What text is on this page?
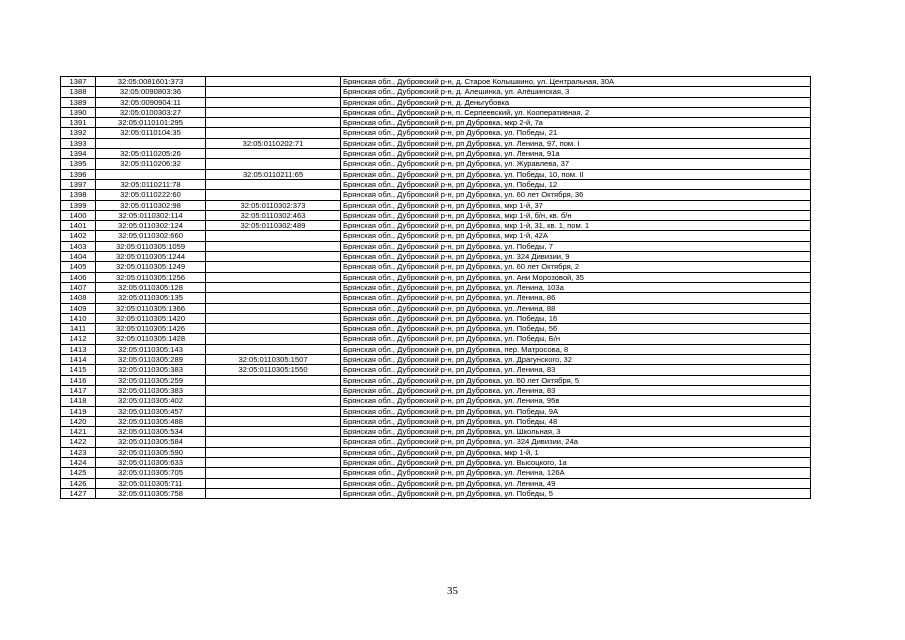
1387	32:05:0081601:373		Брянская обл., Дубровский р-н, д. Старое Колышкино, ул. Центральная, 30А
1388	32:05:0090803:36		Брянская обл., Дубровский р-н, д. Алешинка, ул. Алёшинская, 3
1389	32:05:0090904:11		Брянская обл., Дубровский р-н, д. Деньгубовка
1390	32:05:0100303:27		Брянская обл., Дубровский р-н, п. Серпеевский, ул. Кооперативная, 2
1391	32:05:0110101:295		Брянская обл., Дубровский р-н, рп Дубровка, мкр 2-й, 7а
1392	32:05:0110104:35		Брянская обл., Дубровский р-н, рп Дубровка, ул. Победы, 21
1393		32:05:0110202:71	Брянская обл., Дубровский р-н, рп Дубровка, ул. Ленина, 97, пом. I
1394	32:05:0110205:26		Брянская обл., Дубровский р-н, рп Дубровка, ул. Ленина, 91а
1395	32:05:0110206:32		Брянская обл., Дубровский р-н, рп Дубровка, ул. Журавлева, 37
1396		32:05:0110211:65	Брянская обл., Дубровский р-н, рп Дубровка, ул. Победы, 10, пом. II
1397	32:05:0110211:78		Брянская обл., Дубровский р-н, рп Дубровка, ул. Победы, 12
1398	32:05:0110222:60		Брянская обл., Дубровский р-н, рп Дубровка, ул. 60 лет Октября, 36
1399	32:05:0110302:98	32:05:0110302:373	Брянская обл., Дубровский р-н, рп Дубровка, мкр 1-й, 37
1400	32:05:0110302:114	32:05:0110302:463	Брянская обл., Дубровский р-н, рп Дубровка, мкр 1-й, б/н, кв. б/н
1401	32:05:0110302:124	32:05:0110302:489	Брянская обл., Дубровский р-н, рп Дубровка, мкр 1-й, 31, кв. 1, пом. 1
1402	32:05:0110302:660		Брянская обл., Дубровский р-н, рп Дубровка, мкр 1-й, 42А
1403	32:05:0110305:1059		Брянская обл., Дубровский р-н, рп Дубровка, ул. Победы, 7
1404	32:05:0110305:1244		Брянская обл., Дубровский р-н, рп Дубровка, ул. 324 Дивизии, 9
1405	32:05:0110305:1249		Брянская обл., Дубровский р-н, рп Дубровка, ул. 60 лет Октября, 2
1406	32:05:0110305:1256		Брянская обл., Дубровский р-н, рп Дубровка, ул. Ани Морозовой, 35
1407	32:05:0110305:128		Брянская обл., Дубровский р-н, рп Дубровка, ул. Ленина, 103а
1408	32:05:0110305:135		Брянская обл., Дубровский р-н, рп Дубровка, ул. Ленина, 86
1409	32:05:0110305:1366		Брянская обл., Дубровский р-н, рп Дубровка, ул. Ленина, 88
1410	32:05:0110305:1420		Брянская обл., Дубровский р-н, рп Дубровка, ул. Победы, 16
1411	32:05:0110305:1426		Брянская обл., Дубровский р-н, рп Дубровка, ул. Победы, 56
1412	32:05:0110305:1428		Брянская обл., Дубровский р-н, рп Дубровка, ул. Победы, Б/н
1413	32:05:0110305:143		Брянская обл., Дубровский р-н, рп Дубровка, пер. Матросова, 8
1414	32:05:0110305:289	32:05:0110305:1507	Брянская обл., Дубровский р-н, рп Дубровка, ул. Драгунского, 32
1415	32:05:0110305:383	32:05:0110305:1550	Брянская обл., Дубровский р-н, рп Дубровка, ул. Ленина, 83
1416	32:05:0110305:259		Брянская обл., Дубровский р-н, рп Дубровка, ул. 60 лет Октября, 5
1417	32:05:0110305:383		Брянская обл., Дубровский р-н, рп Дубровка, ул. Ленина, 83
1418	32:05:0110305:402		Брянская обл., Дубровский р-н, рп Дубровка, ул. Ленина, 95в
1419	32:05:0110305:457		Брянская обл., Дубровский р-н, рп Дубровка, ул. Победы, 9А
1420	32:05:0110305:488		Брянская обл., Дубровский р-н, рп Дубровка, ул. Победы, 48
1421	32:05:0110305:534		Брянская обл., Дубровский р-н, рп Дубровка, ул. Школьная, 3
1422	32:05:0110305:584		Брянская обл., Дубровский р-н, рп Дубровка, ул. 324 Дивизии, 24а
1423	32:05:0110305:590		Брянская обл., Дубровский р-н, рп Дубровка, мкр 1-й, 1
1424	32:05:0110305:633		Брянская обл., Дубровский р-н, рп Дубровка, ул. Высоцкого, 1а
1425	32:05:0110305:705		Брянская обл., Дубровский р-н, рп Дубровка, ул. Ленина, 126А
1426	32:05:0110305:711		Брянская обл., Дубровский р-н, рп Дубровка, ул. Ленина, 49
1427	32:05:0110305:758		Брянская обл., Дубровский р-н, рп Дубровка, ул. Победы, 5
35
